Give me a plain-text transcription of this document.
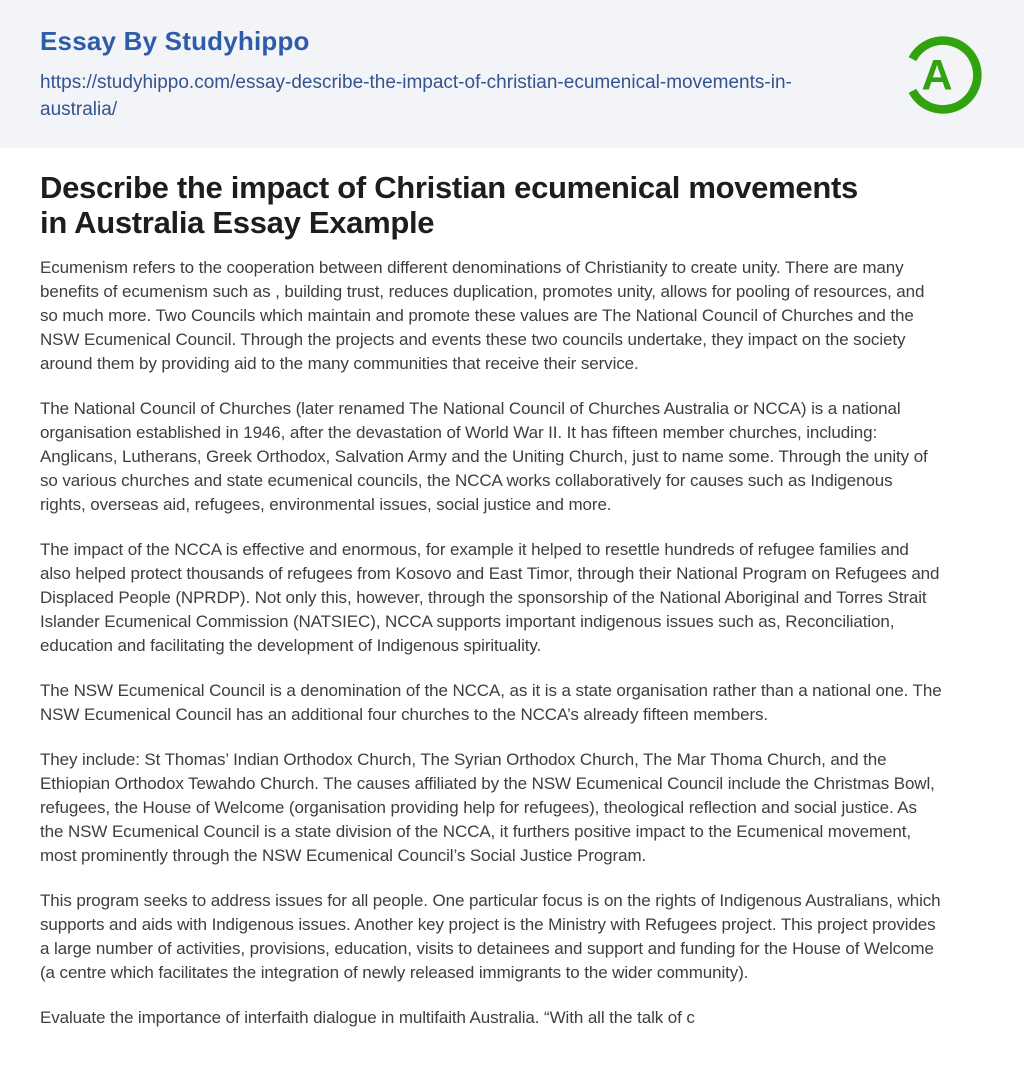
Essay By Studyhippo
https://studyhippo.com/essay-describe-the-impact-of-christian-ecumenical-movements-in-australia/
A
Describe the impact of Christian ecumenical movements in Australia Essay Example

Ecumenism refers to the cooperation between different denominations of Christianity to create unity. There are many benefits of ecumenism such as , building trust, reduces duplication, promotes unity, allows for pooling of resources, and so much more. Two Councils which maintain and promote these values are The National Council of Churches and the NSW Ecumenical Council. Through the projects and events these two councils undertake, they impact on the society around them by providing aid to the many communities that receive their service.

The National Council of Churches (later renamed The National Council of Churches Australia or NCCA) is a national organisation established in 1946, after the devastation of World War II. It has fifteen member churches, including: Anglicans, Lutherans, Greek Orthodox, Salvation Army and the Uniting Church, just to name some. Through the unity of so various churches and state ecumenical councils, the NCCA works collaboratively for causes such as Indigenous rights, overseas aid, refugees, environmental issues, social justice and more.

The impact of the NCCA is effective and enormous, for example it helped to resettle hundreds of refugee families and also helped protect thousands of refugees from Kosovo and East Timor, through their National Program on Refugees and Displaced People (NPRDP). Not only this, however, through the sponsorship of the National Aboriginal and Torres Strait Islander Ecumenical Commission (NATSIEC), NCCA supports important indigenous issues such as, Reconciliation, education and facilitating the development of Indigenous spirituality.

The NSW Ecumenical Council is a denomination of the NCCA, as it is a state organisation rather than a national one. The NSW Ecumenical Council has an additional four churches to the NCCA’s already fifteen members.

They include: St Thomas’ Indian Orthodox Church, The Syrian Orthodox Church, The Mar Thoma Church, and the Ethiopian Orthodox Tewahdo Church. The causes affiliated by the NSW Ecumenical Council include the Christmas Bowl, refugees, the House of Welcome (organisation providing help for refugees), theological reflection and social justice. As the NSW Ecumenical Council is a state division of the NCCA, it furthers positive impact to the Ecumenical movement, most prominently through the NSW Ecumenical Council’s Social Justice Program.

This program seeks to address issues for all people. One particular focus is on the rights of Indigenous Australians, which supports and aids with Indigenous issues. Another key project is the Ministry with Refugees project. This project provides a large number of activities, provisions, education, visits to detainees and support and funding for the House of Welcome (a centre which facilitates the integration of newly released immigrants to the wider community).

Evaluate the importance of interfaith dialogue in multifaith Australia. “With all the talk of c
